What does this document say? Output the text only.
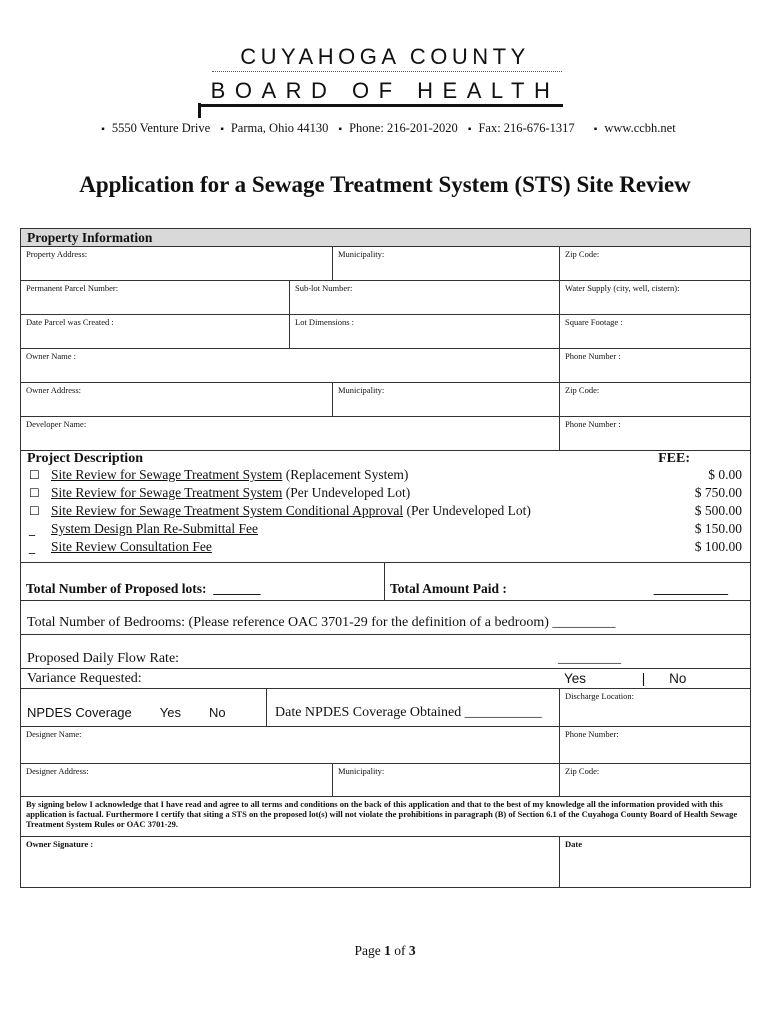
CUYAHOGA COUNTY
BOARD OF HEALTH
▪ 5550 Venture Drive ▪ Parma, Ohio 44130 ▪ Phone: 216-201-2020 ▪ Fax: 216-676-1317 ▪ www.ccbh.net
Application for a Sewage Treatment System (STS) Site Review
Property Information
Property Address:	Municipality:	Zip Code:
Permanent Parcel Number:	Sub-lot Number:	Water Supply (city, well, cistern):
Date Parcel was Created :	Lot Dimensions :	Square Footage :
Owner Name :	Phone Number :
Owner Address:	Municipality:	Zip Code:
Developer Name:	Phone Number :
Project Description	FEE:
☐ Site Review for Sewage Treatment System (Replacement System)	$ 0.00
☐ Site Review for Sewage Treatment System (Per Undeveloped Lot)	$ 750.00
☐ Site Review for Sewage Treatment System Conditional Approval (Per Undeveloped Lot)	$ 500.00
_ System Design Plan Re-Submittal Fee	$ 150.00
_ Site Review Consultation Fee	$ 100.00
Total Number of Proposed lots: _______	Total Amount Paid :	___________
Total Number of Bedrooms: (Please reference OAC 3701-29 for the definition of a bedroom) _________
Proposed Daily Flow Rate:	_________
Variance Requested:	Yes	| No
NPDES Coverage Yes No	Date NPDES Coverage Obtained ___________
Discharge Location:
Designer Name:	Phone Number:
Designer Address:	Municipality:	Zip Code:
By signing below I acknowledge that I have read and agree to all terms and conditions on the back of this application and that to the best of my knowledge all the information provided with this application is factual. Furthermore I certify that siting a STS on the proposed lot(s) will not violate the prohibitions in paragraph (B) of Section 6.1 of the Cuyahoga County Board of Health Sewage Treatment System Rules or OAC 3701-29.
Owner Signature :	Date
Page 1 of 3
